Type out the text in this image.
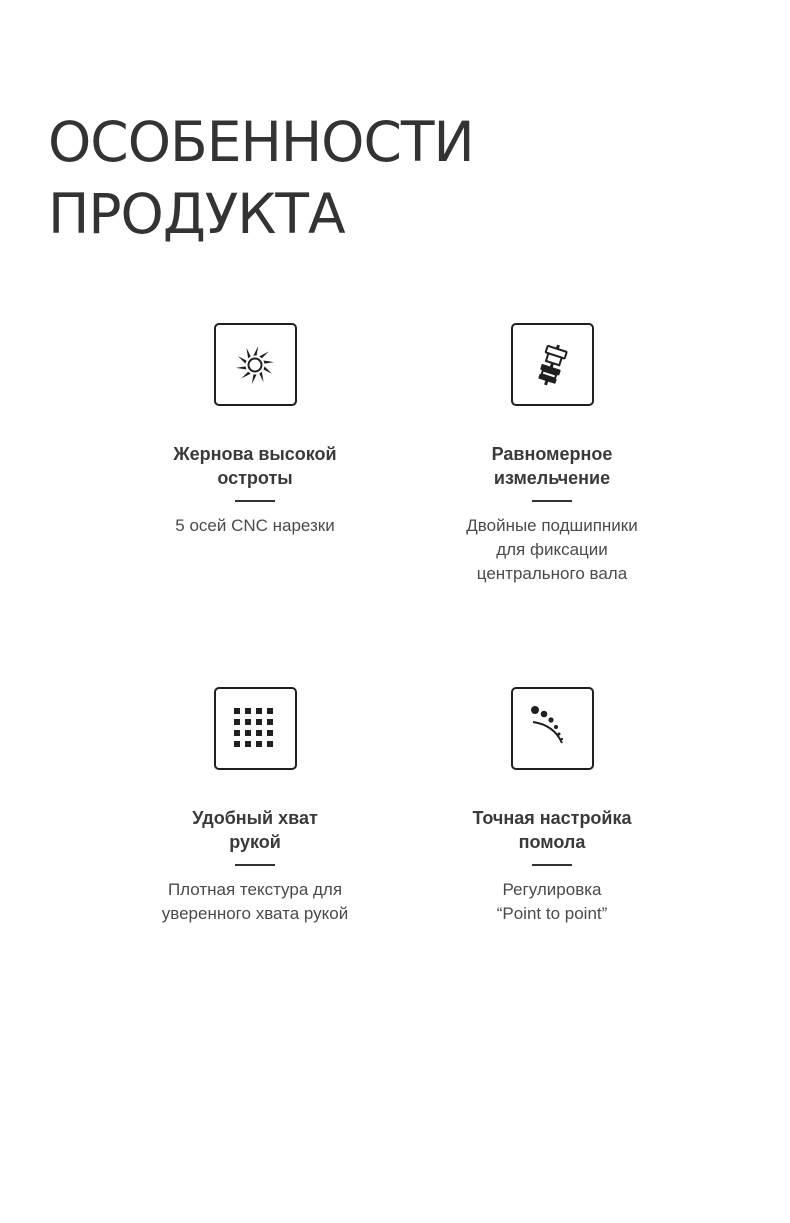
ОСОБЕННОСТИ
ПРОДУКТА
Жернова высокой
остроты
5 осей CNC нарезки
Равномерное
измельчение
Двойные подшипники
для фиксации
центрального вала
Удобный хват
рукой
Плотная текстура для
уверенного хвата рукой
Точная настройка
помола
Регулировка
“Point to point”
